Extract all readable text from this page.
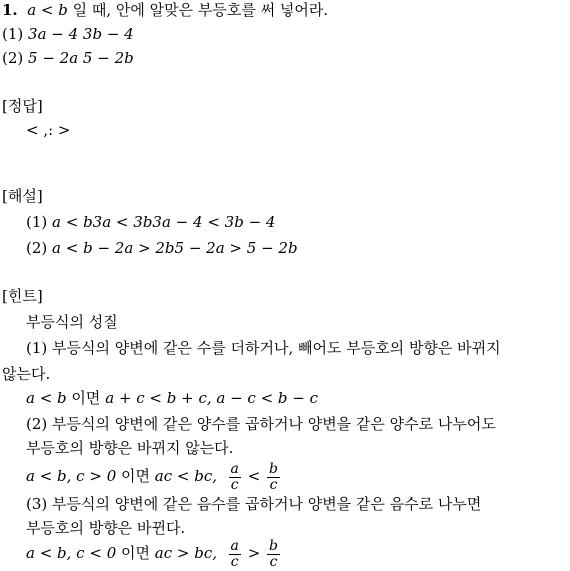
1. a < b 일 때, 안에 알맞은 부등호를 써 넣어라.
(1) 3a − 4 3b − 4
(2) 5 − 2a 5 − 2b
[정답]
< ,: >
[해설]
(1) a < b3a < 3b3a − 4 < 3b − 4
(2) a < b − 2a > 2b5 − 2a > 5 − 2b
[힌트]
부등식의 성질
(1) 부등식의 양변에 같은 수를 더하거나, 빼어도 부등호의 방향은 바뀌지
않는다.
a < b 이면 a + c < b + c, a − c < b − c
(2) 부등식의 양변에 같은 양수를 곱하거나 양변을 같은 양수로 나누어도
부등호의 방향은 바뀌지 않는다.
a < b, c > 0 이면 ac < bc, $\frac{a}{c} < \frac{b}{c}$
(3) 부등식의 양변에 같은 음수를 곱하거나 양변을 같은 음수로 나누면
부등호의 방향은 바뀐다.
a < b, c < 0 이면 ac > bc, $\frac{a}{c} > \frac{b}{c}$
